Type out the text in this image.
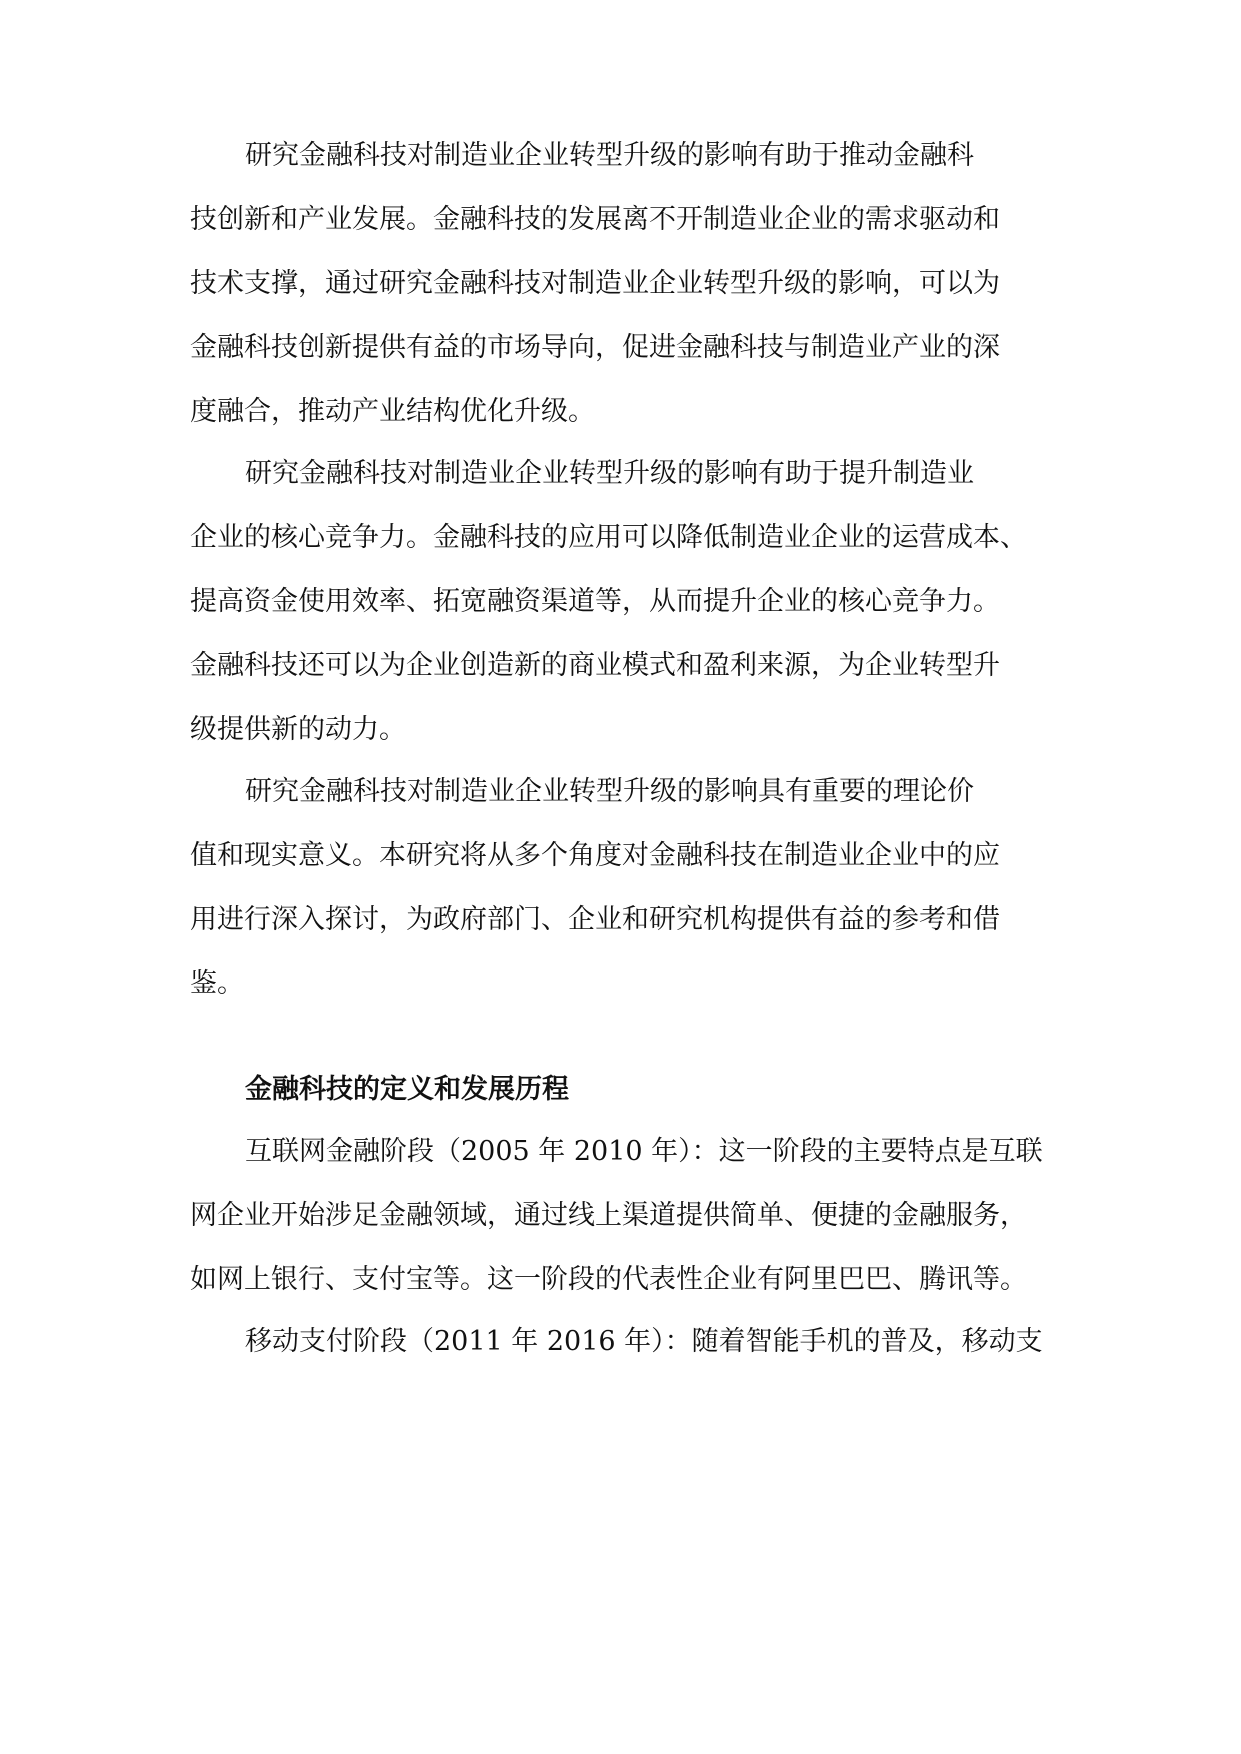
研究金融科技对制造业企业转型升级的影响有助于推动金融科
技创新和产业发展。金融科技的发展离不开制造业企业的需求驱动和
技术支撑，通过研究金融科技对制造业企业转型升级的影响，可以为
金融科技创新提供有益的市场导向，促进金融科技与制造业产业的深
度融合，推动产业结构优化升级。
研究金融科技对制造业企业转型升级的影响有助于提升制造业
企业的核心竞争力。金融科技的应用可以降低制造业企业的运营成本、
提高资金使用效率、拓宽融资渠道等，从而提升企业的核心竞争力。
金融科技还可以为企业创造新的商业模式和盈利来源，为企业转型升
级提供新的动力。
研究金融科技对制造业企业转型升级的影响具有重要的理论价
值和现实意义。本研究将从多个角度对金融科技在制造业企业中的应
用进行深入探讨，为政府部门、企业和研究机构提供有益的参考和借
鉴。
金融科技的定义和发展历程
互联网金融阶段（2005 年 2010 年）：这一阶段的主要特点是互联
网企业开始涉足金融领域，通过线上渠道提供简单、便捷的金融服务，
如网上银行、支付宝等。这一阶段的代表性企业有阿里巴巴、腾讯等。
移动支付阶段（2011 年 2016 年）：随着智能手机的普及，移动支
